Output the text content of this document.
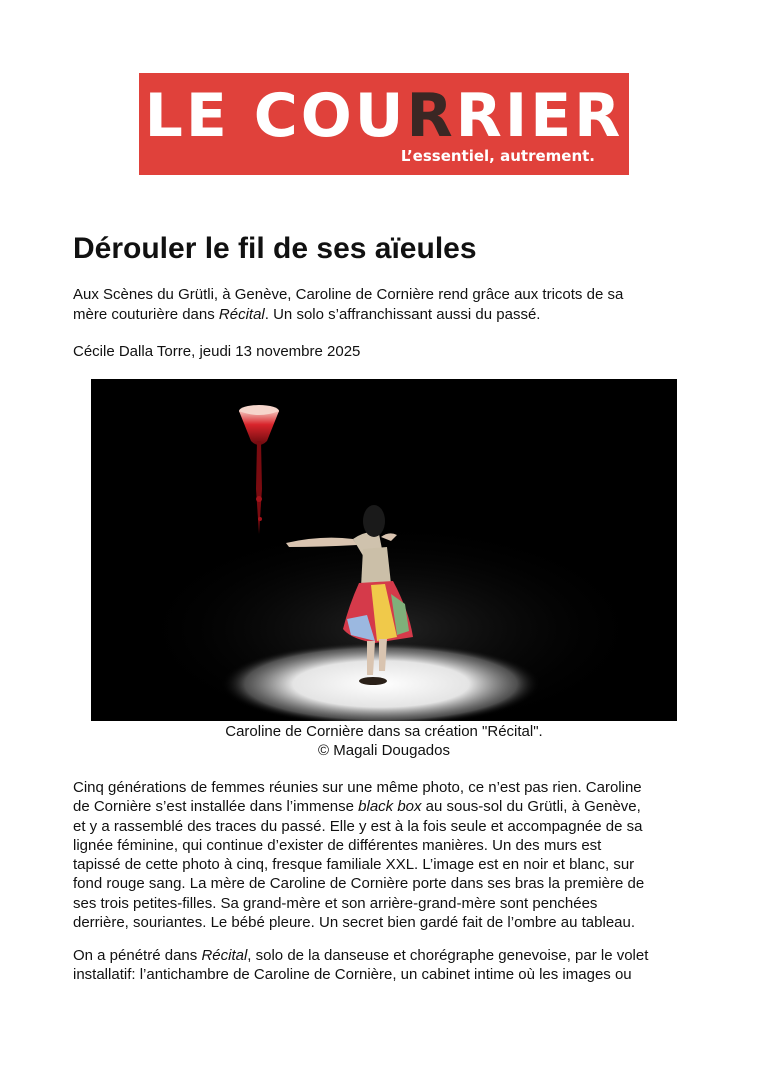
LE COURRIER
L’essentiel, autrement.
Dérouler le fil de ses aïeules

Aux Scènes du Grütli, à Genève, Caroline de Cornière rend grâce aux tricots de sa
mère couturière dans Récital. Un solo s’affranchissant aussi du passé.

Cécile Dalla Torre, jeudi 13 novembre 2025

Caroline de Cornière dans sa création "Récital".
© Magali Dougados

Cinq générations de femmes réunies sur une même photo, ce n’est pas rien. Caroline
de Cornière s’est installée dans l’immense black box au sous-sol du Grütli, à Genève,
et y a rassemblé des traces du passé. Elle y est à la fois seule et accompagnée de sa
lignée féminine, qui continue d’exister de différentes manières. Un des murs est
tapissé de cette photo à cinq, fresque familiale XXL. L’image est en noir et blanc, sur
fond rouge sang. La mère de Caroline de Cornière porte dans ses bras la première de
ses trois petites-filles. Sa grand-mère et son arrière-grand-mère sont penchées
derrière, souriantes. Le bébé pleure. Un secret bien gardé fait de l’ombre au tableau.

On a pénétré dans Récital, solo de la danseuse et chorégraphe genevoise, par le volet
installatif: l’antichambre de Caroline de Cornière, un cabinet intime où les images ou
